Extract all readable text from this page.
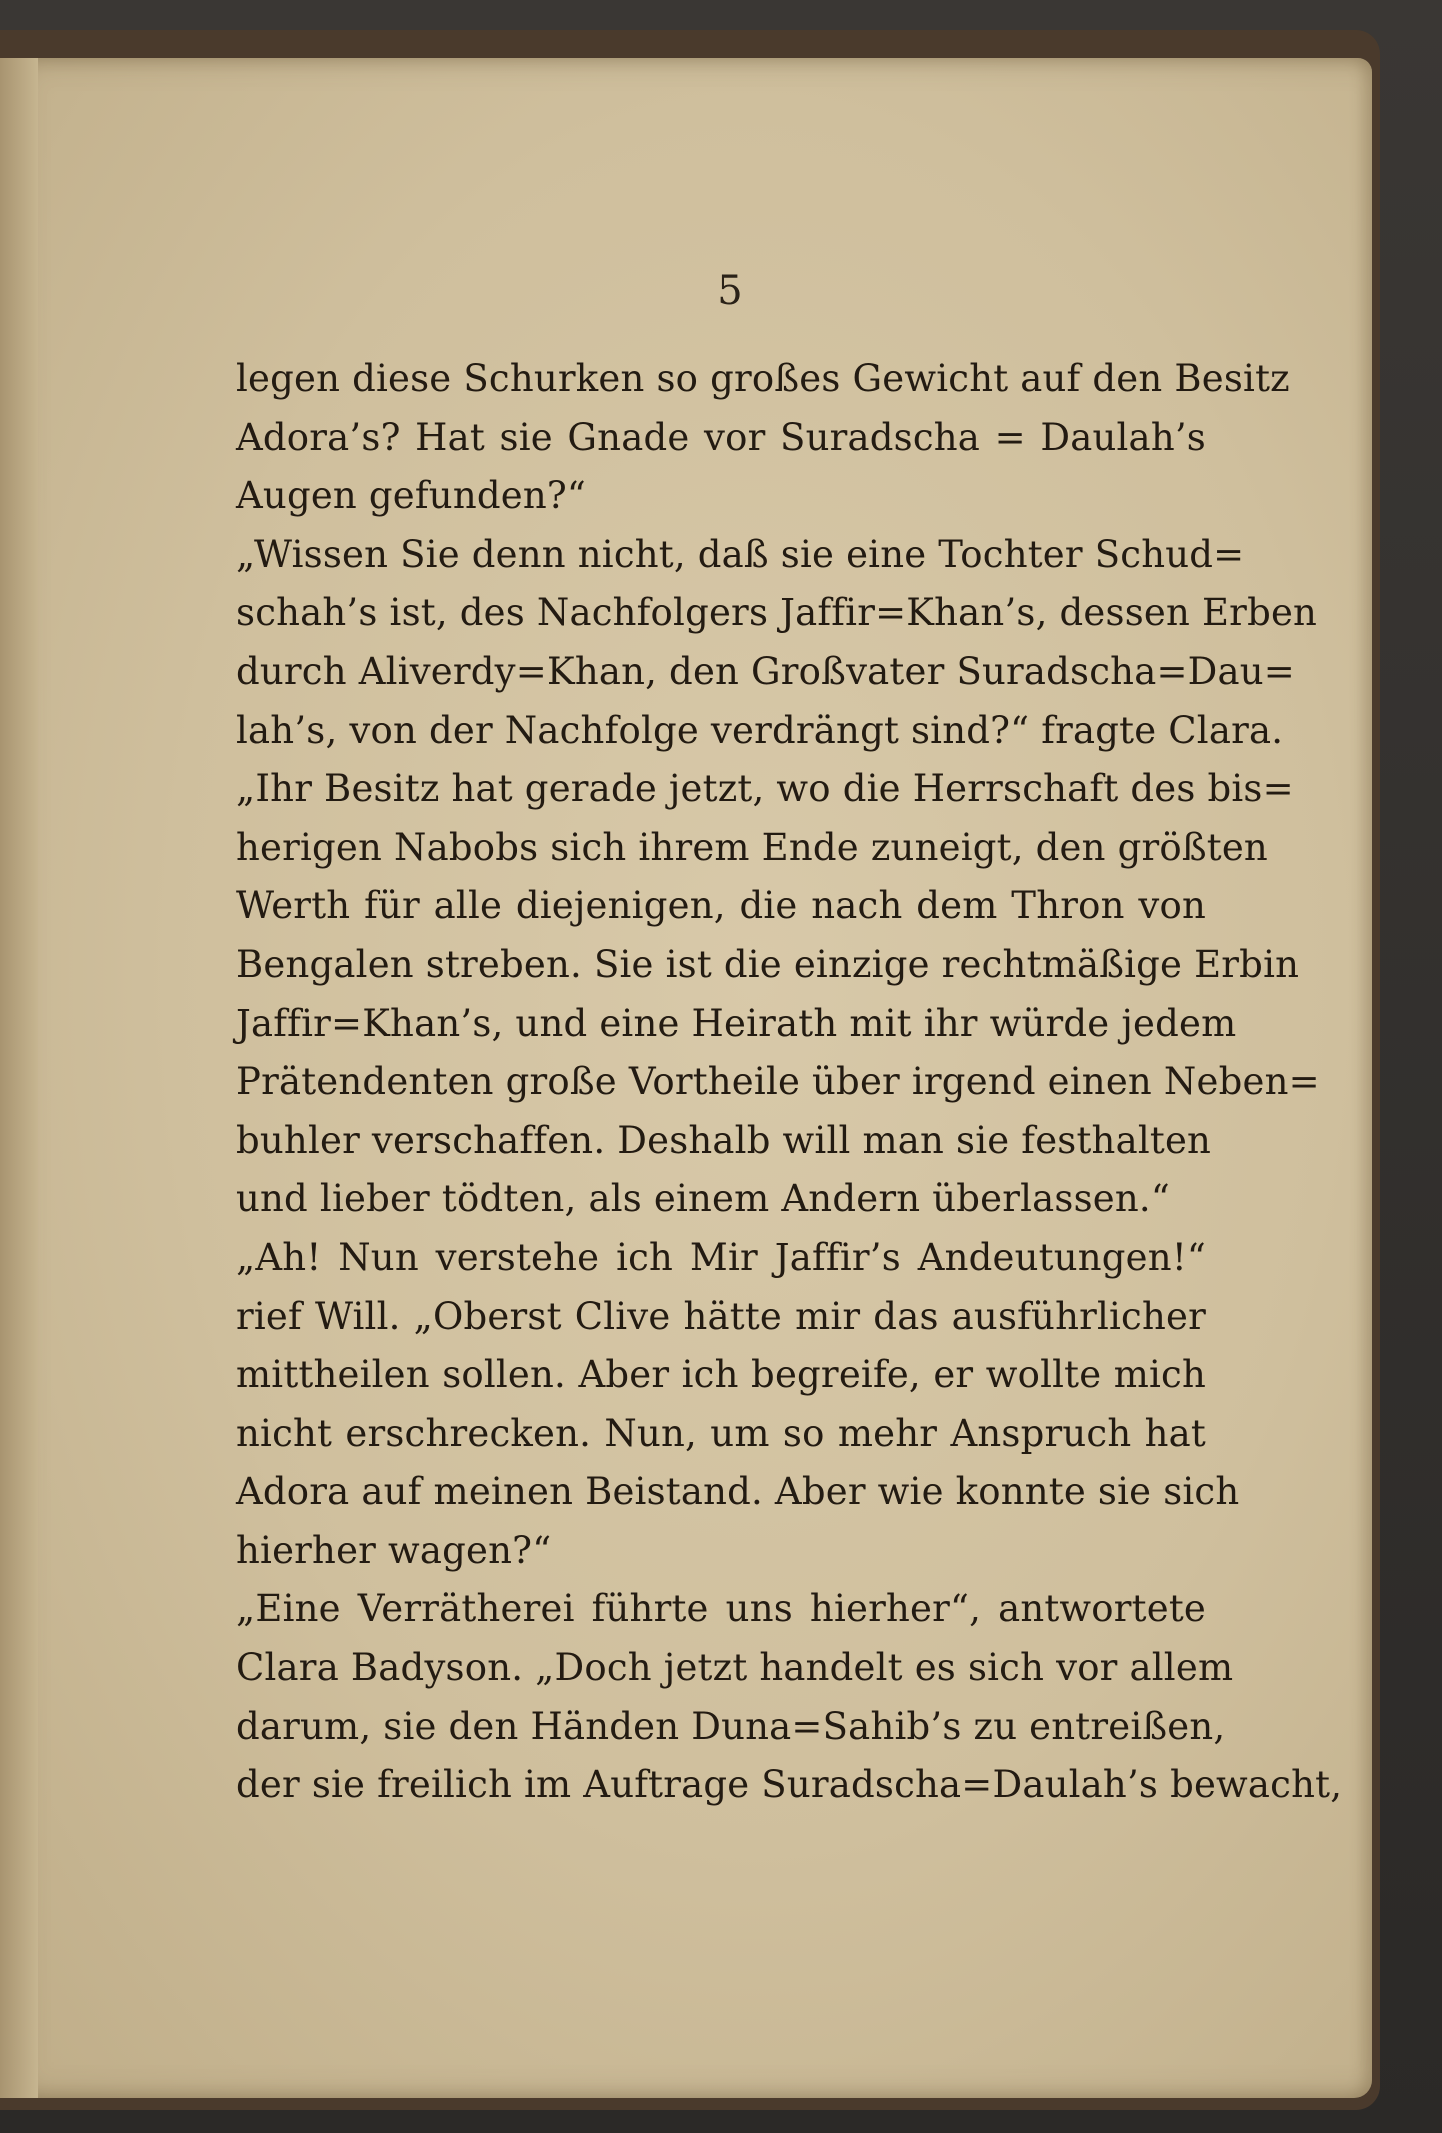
5
legen diese Schurken so großes Gewicht auf den Besitz
Adora’s? Hat sie Gnade vor Suradscha = Daulah’s
Augen gefunden?“
„Wissen Sie denn nicht, daß sie eine Tochter Schud=
schah’s ist, des Nachfolgers Jaffir=Khan’s, dessen Erben
durch Aliverdy=Khan, den Großvater Suradscha=Dau=
lah’s, von der Nachfolge verdrängt sind?“ fragte Clara.
„Ihr Besitz hat gerade jetzt, wo die Herrschaft des bis=
herigen Nabobs sich ihrem Ende zuneigt, den größten
Werth für alle diejenigen, die nach dem Thron von
Bengalen streben. Sie ist die einzige rechtmäßige Erbin
Jaffir=Khan’s, und eine Heirath mit ihr würde jedem
Prätendenten große Vortheile über irgend einen Neben=
buhler verschaffen. Deshalb will man sie festhalten
und lieber tödten, als einem Andern überlassen.“
„Ah! Nun verstehe ich Mir Jaffir’s Andeutungen!“
rief Will. „Oberst Clive hätte mir das ausführlicher
mittheilen sollen. Aber ich begreife, er wollte mich
nicht erschrecken. Nun, um so mehr Anspruch hat
Adora auf meinen Beistand. Aber wie konnte sie sich
hierher wagen?“
„Eine Verrätherei führte uns hierher“, antwortete
Clara Badyson. „Doch jetzt handelt es sich vor allem
darum, sie den Händen Duna=Sahib’s zu entreißen,
der sie freilich im Auftrage Suradscha=Daulah’s bewacht,
